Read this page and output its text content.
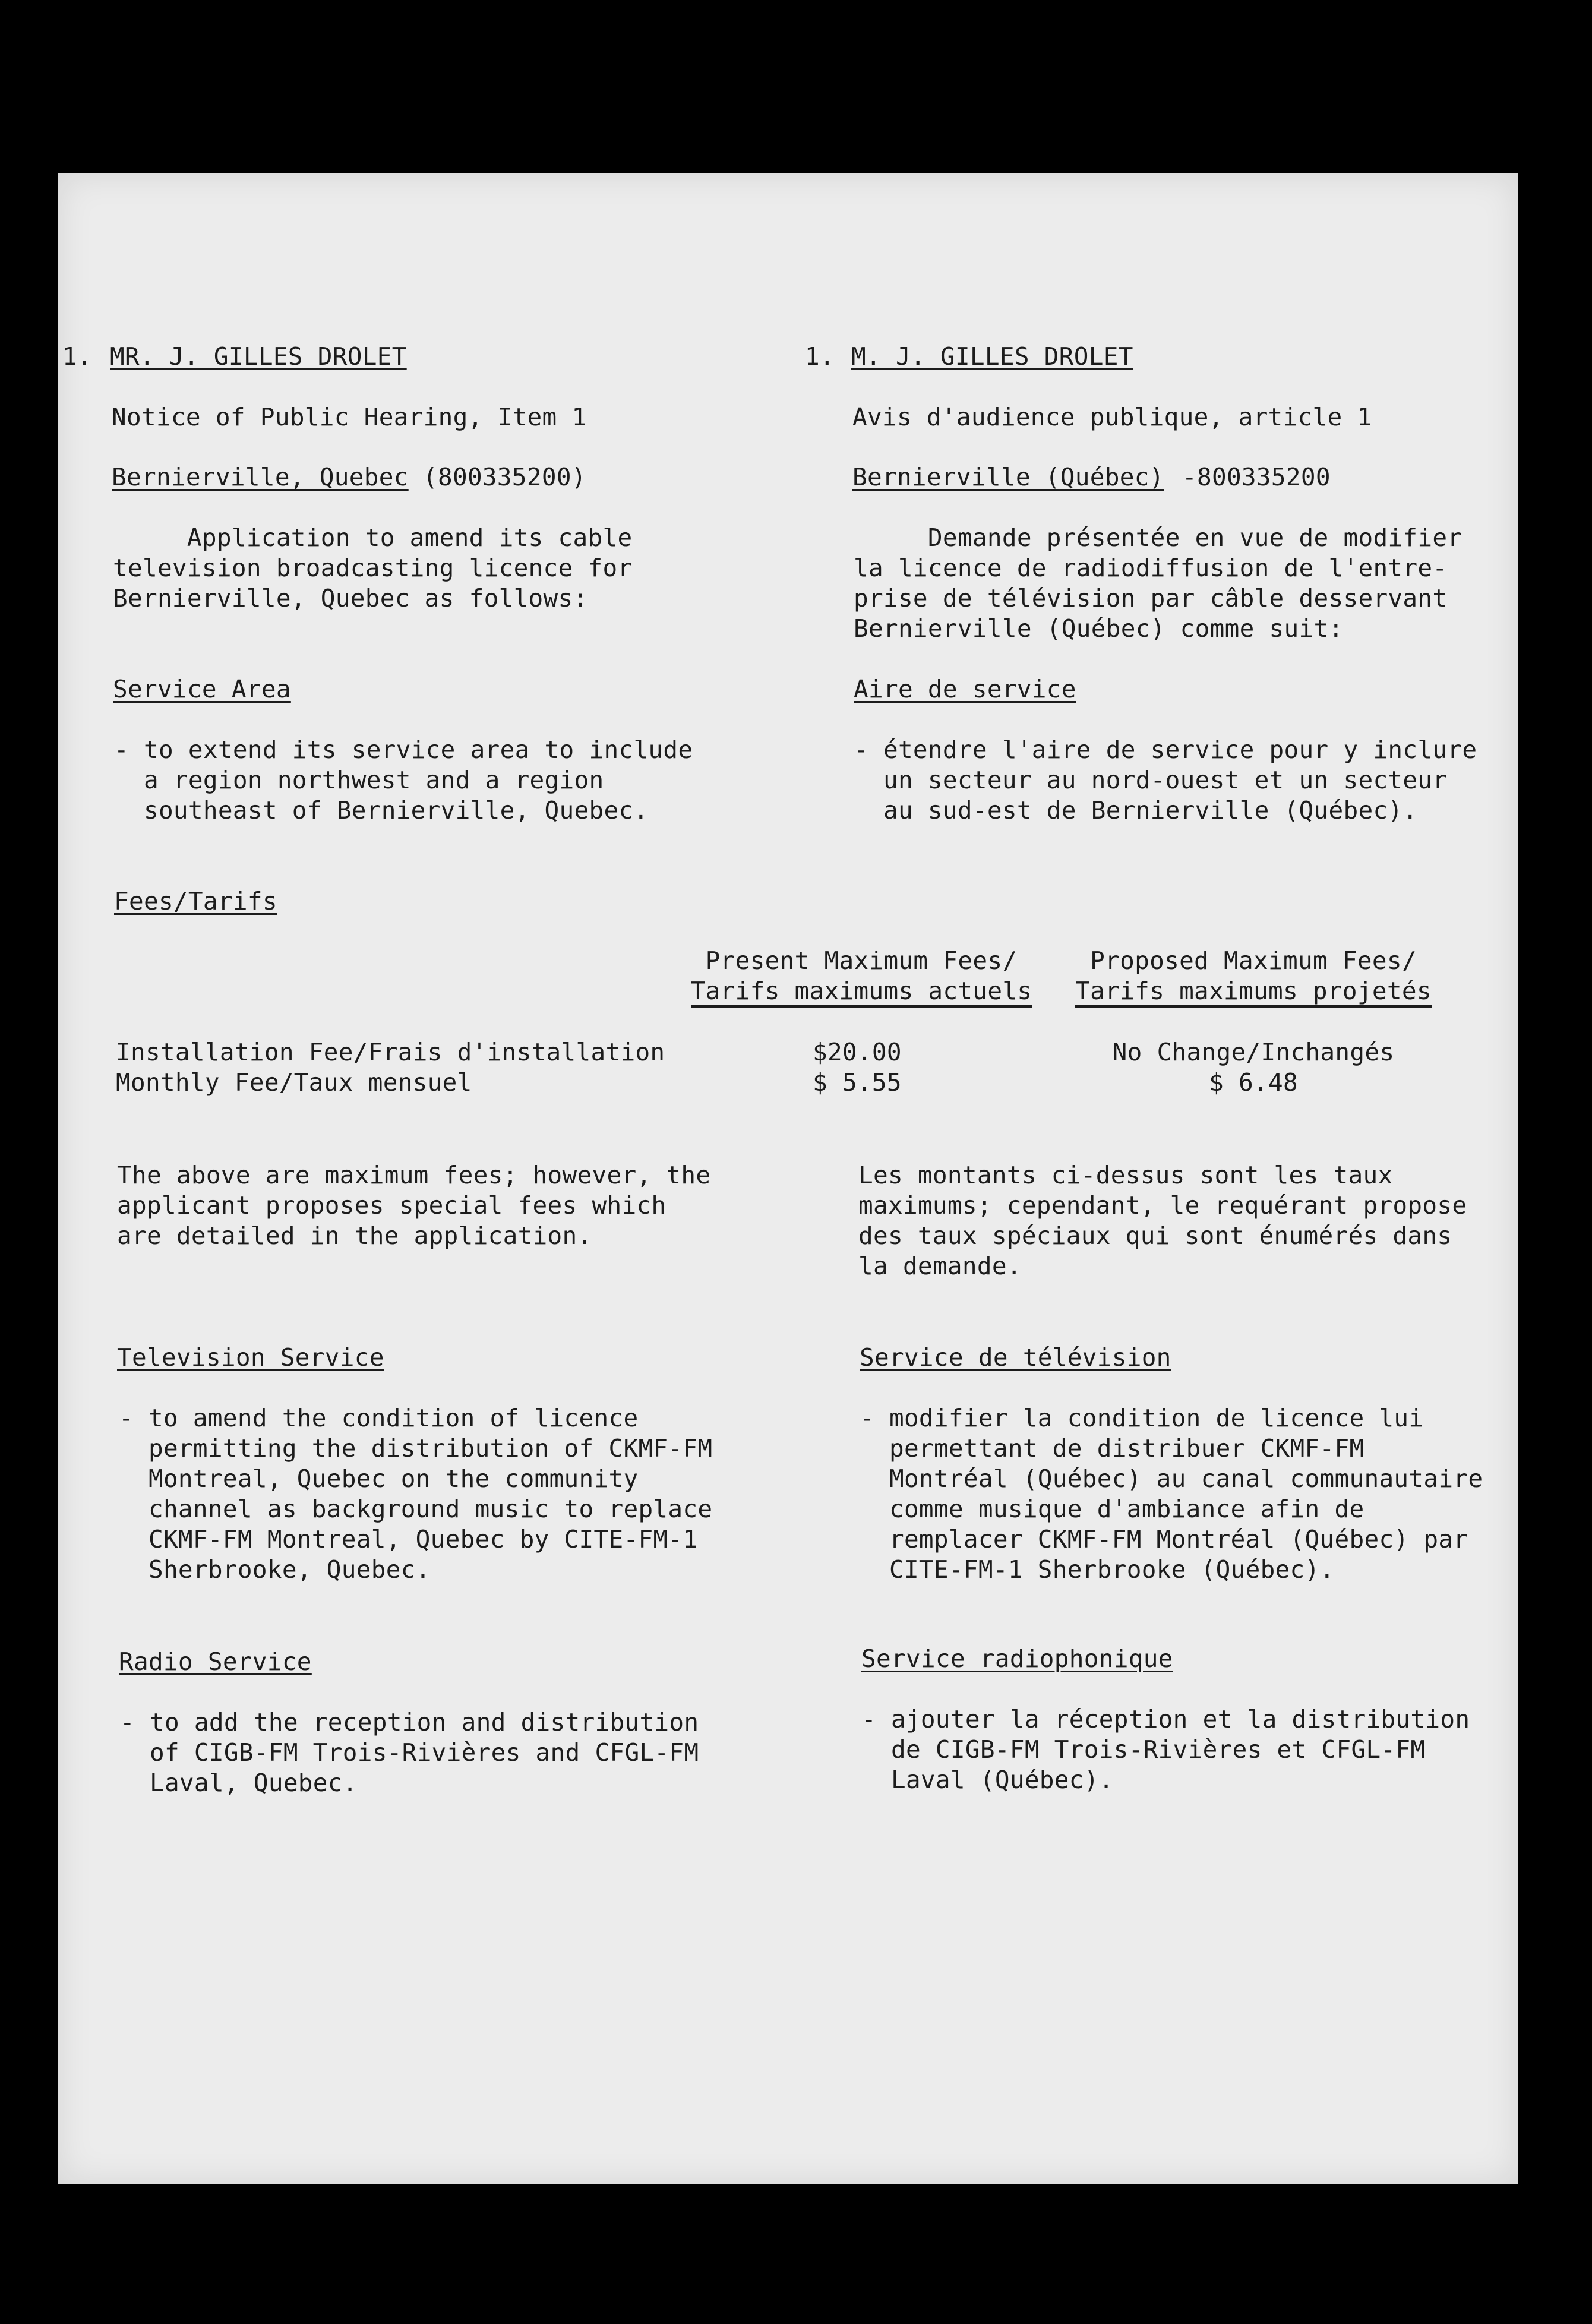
1. MR. J. GILLES DROLET
Notice of Public Hearing, Item 1
Bernierville, Quebec (800335200)
Application to amend its cable
television broadcasting licence for
Bernierville, Quebec as follows:
Service Area
- to extend its service area to include
a region northwest and a region
southeast of Bernierville, Quebec.
Fees/Tarifs
Present Maximum Fees/
Tarifs maximums actuels
Proposed Maximum Fees/
Tarifs maximums projetés
Installation Fee/Frais d'installation
Monthly Fee/Taux mensuel
$20.00
$ 5.55
No Change/Inchangés
$ 6.48
The above are maximum fees; however, the
applicant proposes special fees which
are detailed in the application.
Television Service
- to amend the condition of licence
permitting the distribution of CKMF-FM
Montreal, Quebec on the community
channel as background music to replace
CKMF-FM Montreal, Quebec by CITE-FM-1
Sherbrooke, Quebec.
Radio Service
- to add the reception and distribution
of CIGB-FM Trois-Rivières and CFGL-FM
Laval, Quebec.
1. M. J. GILLES DROLET
Avis d'audience publique, article 1
Bernierville (Québec) -800335200
Demande présentée en vue de modifier
la licence de radiodiffusion de l'entre-
prise de télévision par câble desservant
Bernierville (Québec) comme suit:
Aire de service
- étendre l'aire de service pour y inclure
un secteur au nord-ouest et un secteur
au sud-est de Bernierville (Québec).
Les montants ci-dessus sont les taux
maximums; cependant, le requérant propose
des taux spéciaux qui sont énumérés dans
la demande.
Service de télévision
- modifier la condition de licence lui
permettant de distribuer CKMF-FM
Montréal (Québec) au canal communautaire
comme musique d'ambiance afin de
remplacer CKMF-FM Montréal (Québec) par
CITE-FM-1 Sherbrooke (Québec).
Service radiophonique
- ajouter la réception et la distribution
de CIGB-FM Trois-Rivières et CFGL-FM
Laval (Québec).
